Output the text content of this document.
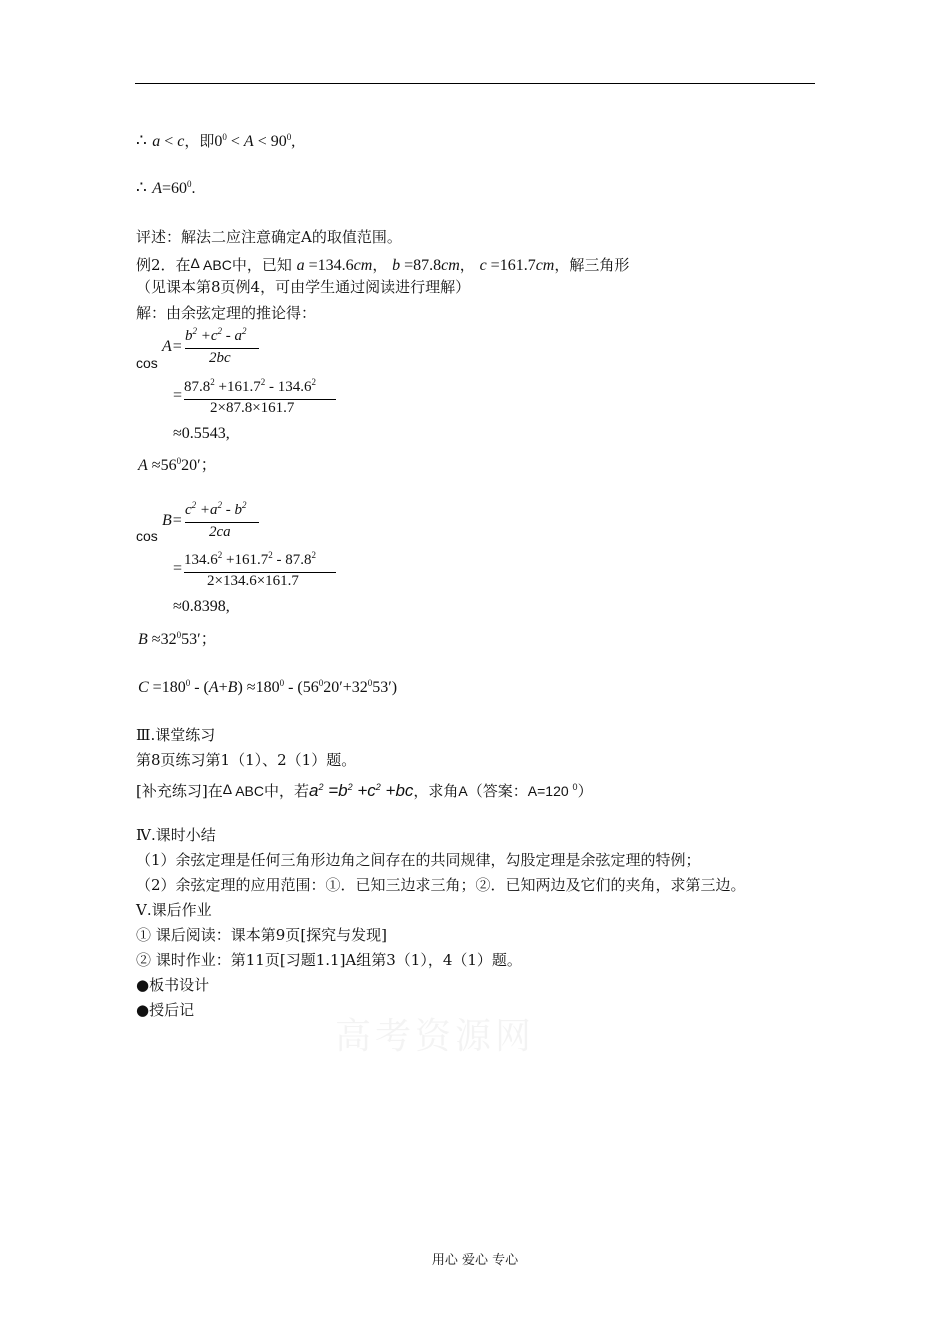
∴ a < c，即$0^0 < A < 90^0$,
∴ $A=60^0$.
评述：解法二应注意确定A的取值范围。
例2．在Δ ABC中，已知 a =134.6cm， b =87.8cm， c =161.7cm，解三角形
（见课本第8页例4，可由学生通过阅读进行理解）
解：由余弦定理的推论得：
cos
A=
$b^2 +c^2 - a^2$
2bc
$87.8^2 +161.7^2 - 134.6^2$
=
2×87.8×161.7
≈0.5543,
$A \approx 56^020'$；
cos
B=
$c^2 +a^2 - b^2$
2ca
$134.6^2 +161.7^2 - 87.8^2$
=
2×134.6×161.7
≈0.8398,
$B \approx 32^053'$；
$C =180^0 - (A+B) \approx 180^0 - (56^020'+32^053')$
Ⅲ.课堂练习
第8页练习第1（1）、2（1）题。
[补充练习]在Δ ABC中，若$a^2 =b^2 +c^2 +bc$，求角A（答案：A=120 $^0$）
Ⅳ.课时小结
（1）余弦定理是任何三角形边角之间存在的共同规律，勾股定理是余弦定理的特例；
（2）余弦定理的应用范围：①．已知三边求三角；②．已知两边及它们的夹角，求第三边。
Ⅴ.课后作业
① 课后阅读：课本第9页[探究与发现]
② 课时作业：第11页[习题1.1]A组第3（1），4（1）题。
●板书设计
●授后记
高考资源网
用心 爱心 专心
